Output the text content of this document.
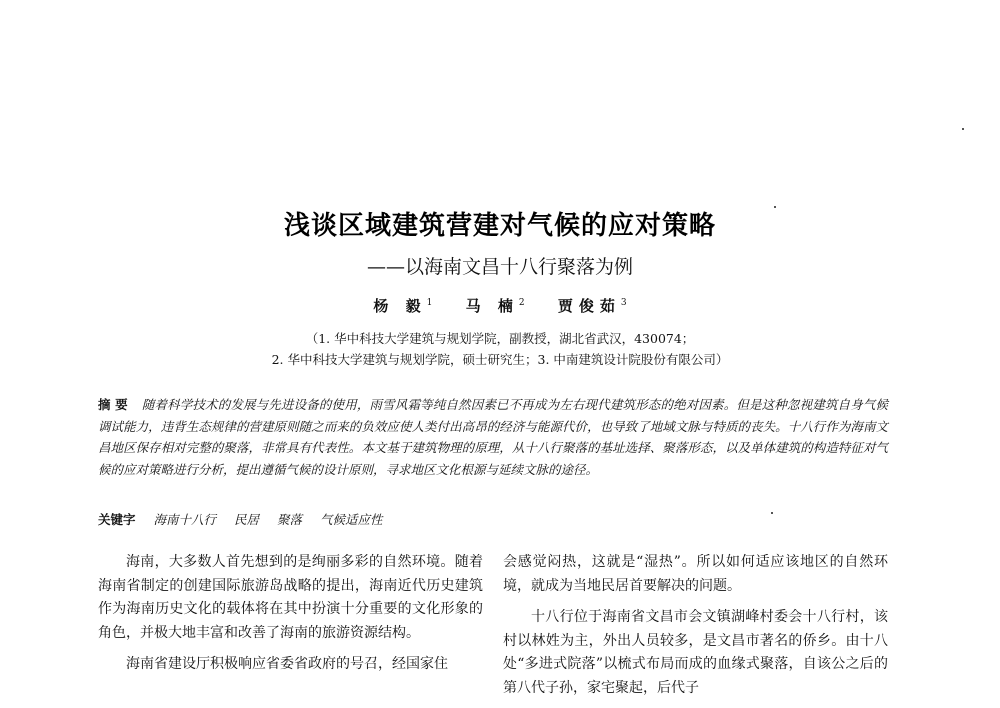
浅谈区域建筑营建对气候的应对策略
——以海南文昌十八行聚落为例
杨 毅$^1$ 马 楠$^2$ 贾俊茹$^3$
（1. 华中科技大学建筑与规划学院，副教授，湖北省武汉，430074；
2. 华中科技大学建筑与规划学院，硕士研究生；3. 中南建筑设计院股份有限公司）
摘 要 随着科学技术的发展与先进设备的使用，雨雪风霜等纯自然因素已不再成为左右现代建筑形态的绝对因素。但是这种忽视建筑自身气候调试能力，违背生态规律的营建原则随之而来的负效应使人类付出高昂的经济与能源代价，也导致了地域文脉与特质的丧失。十八行作为海南文昌地区保存相对完整的聚落，非常具有代表性。本文基于建筑物理的原理，从十八行聚落的基址选择、聚落形态，以及单体建筑的构造特征对气候的应对策略进行分析，提出遵循气候的设计原则，寻求地区文化根源与延续文脉的途径。
关键字 海南十八行 民居 聚落 气候适应性

海南，大多数人首先想到的是绚丽多彩的自然环境。随着海南省制定的创建国际旅游岛战略的提出，海南近代历史建筑作为海南历史文化的载体将在其中扮演十分重要的文化形象的角色，并极大地丰富和改善了海南的旅游资源结构。

海南省建设厅积极响应省委省政府的号召，经国家住

会感觉闷热，这就是“湿热”。所以如何适应该地区的自然环境，就成为当地民居首要解决的问题。

十八行位于海南省文昌市会文镇湖峰村委会十八行村，该村以林姓为主，外出人员较多，是文昌市著名的侨乡。由十八处“多进式院落”以梳式布局而成的血缘式聚落，自该公之后的第八代子孙，家宅聚起，后代子
